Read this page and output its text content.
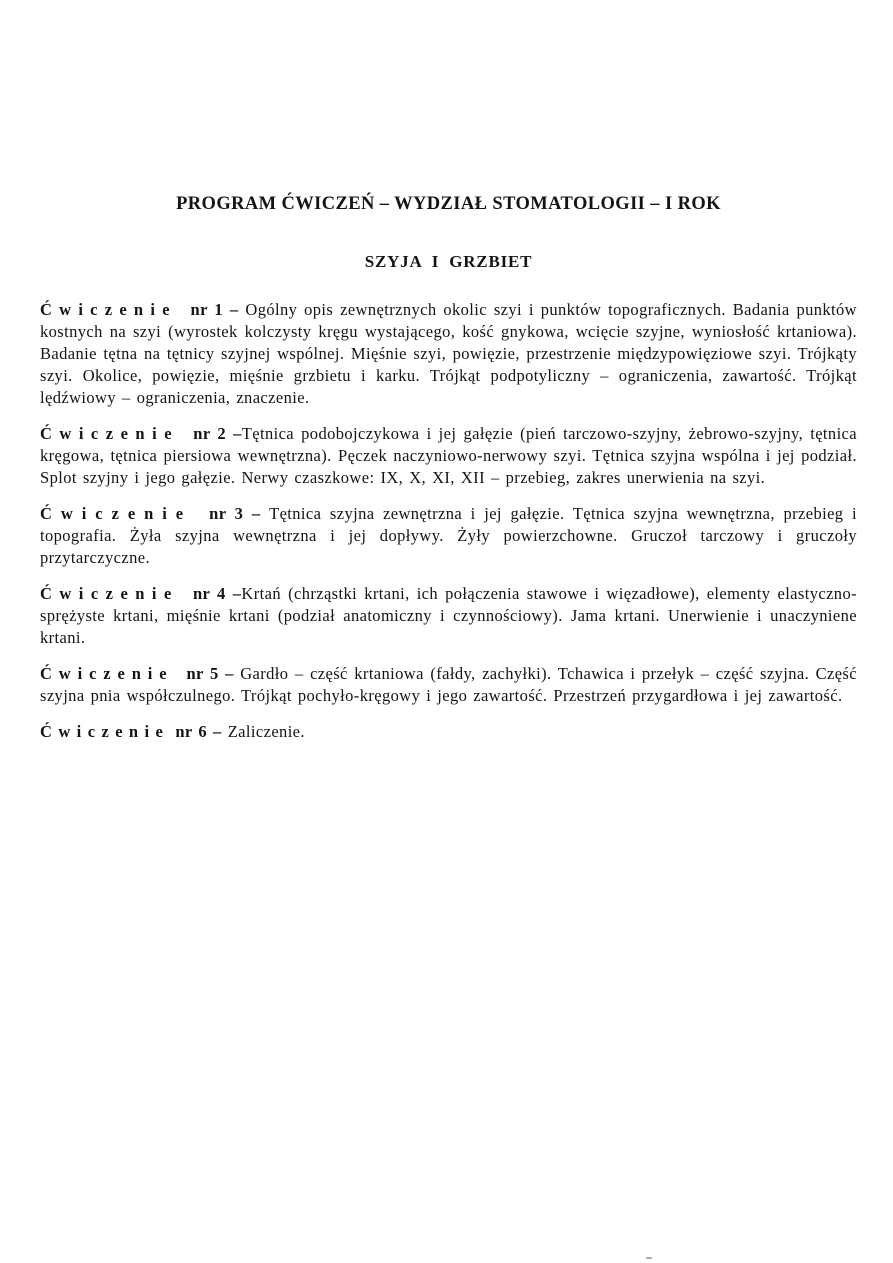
PROGRAM ĆWICZEŃ – WYDZIAŁ STOMATOLOGII – I ROK
SZYJA  I  GRZBIET

Ć w i c z e n i e   nr 1 – Ogólny opis zewnętrznych okolic szyi i punktów topograficznych. Badania punktów kostnych na szyi (wyrostek kolczysty kręgu wystającego, kość gnykowa, wcięcie szyjne, wyniosłość krtaniowa). Badanie tętna na tętnicy szyjnej wspólnej. Mięśnie szyi, powięzie, przestrzenie międzypowięziowe szyi. Trójkąty szyi. Okolice, powięzie, mięśnie grzbietu i karku. Trójkąt podpotyliczny – ograniczenia, zawartość. Trójkąt lędźwiowy – ograniczenia, znaczenie.

Ć w i c z e n i e   nr 2 –Tętnica podobojczykowa i jej gałęzie (pień tarczowo-szyjny, żebrowo-szyjny, tętnica kręgowa, tętnica piersiowa wewnętrzna). Pęczek naczyniowo-nerwowy szyi. Tętnica szyjna wspólna i jej podział. Splot szyjny i jego gałęzie. Nerwy czaszkowe: IX, X, XI, XII – przebieg, zakres unerwienia na szyi.

Ć w i c z e n i e   nr 3 – Tętnica szyjna zewnętrzna i jej gałęzie. Tętnica szyjna wewnętrzna, przebieg i topografia. Żyła szyjna wewnętrzna i jej dopływy. Żyły powierzchowne. Gruczoł tarczowy i gruczoły przytarczyczne.

Ć w i c z e n i e   nr 4 –Krtań (chrząstki krtani, ich połączenia stawowe i więzadłowe), elementy elastyczno-sprężyste krtani, mięśnie krtani (podział anatomiczny i czynnościowy). Jama krtani. Unerwienie i unaczyniene krtani.

Ć w i c z e n i e   nr 5 – Gardło – część krtaniowa (fałdy, zachyłki). Tchawica i przełyk – część szyjna. Część szyjna pnia współczulnego. Trójkąt pochyło-kręgowy i jego zawartość. Przestrzeń przygardłowa i jej zawartość.

Ć w i c z e n i e  nr 6 – Zaliczenie.
